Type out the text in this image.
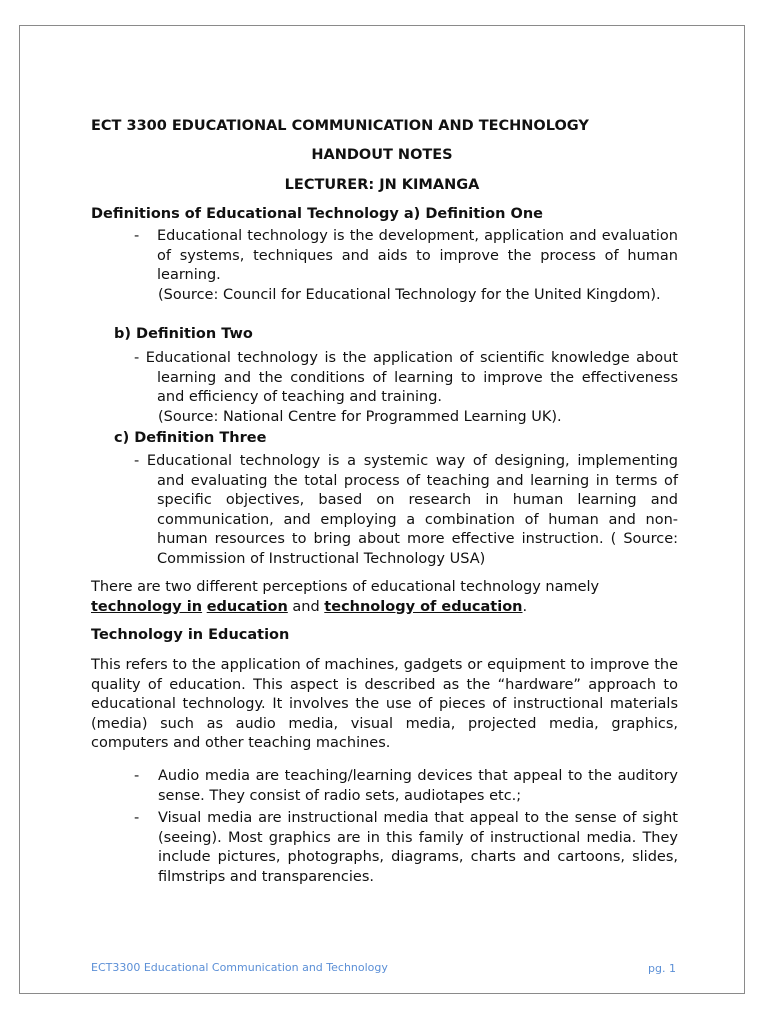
ECT 3300 EDUCATIONAL COMMUNICATION AND TECHNOLOGY
HANDOUT NOTES
LECTURER: JN KIMANGA
Definitions of Educational Technology a) Definition One
- Educational technology is the development, application and evaluation of systems, techniques and aids to improve the process of human learning.
(Source: Council for Educational Technology for the United Kingdom).
b) Definition Two
- Educational technology is the application of scientific knowledge about learning and the conditions of learning to improve the effectiveness and efficiency of teaching and training.
(Source: National Centre for Programmed Learning UK).
c) Definition Three
- Educational technology is a systemic way of designing, implementing and evaluating the total process of teaching and learning in terms of specific objectives, based on research in human learning and communication, and employing a combination of human and non-human resources to bring about more effective instruction. ( Source: Commission of Instructional Technology USA)
There are two different perceptions of educational technology namely
technology in education and technology of education.
Technology in Education
This refers to the application of machines, gadgets or equipment to improve the quality of education. This aspect is described as the “hardware” approach to educational technology. It involves the use of pieces of instructional materials (media) such as audio media, visual media, projected media, graphics, computers and other teaching machines.
- Audio media are teaching/learning devices that appeal to the auditory sense. They consist of radio sets, audiotapes etc.;
- Visual media are instructional media that appeal to the sense of sight (seeing). Most graphics are in this family of instructional media. They include pictures, photographs, diagrams, charts and cartoons, slides, filmstrips and transparencies.
ECT3300 Educational Communication and Technology	pg. 1
